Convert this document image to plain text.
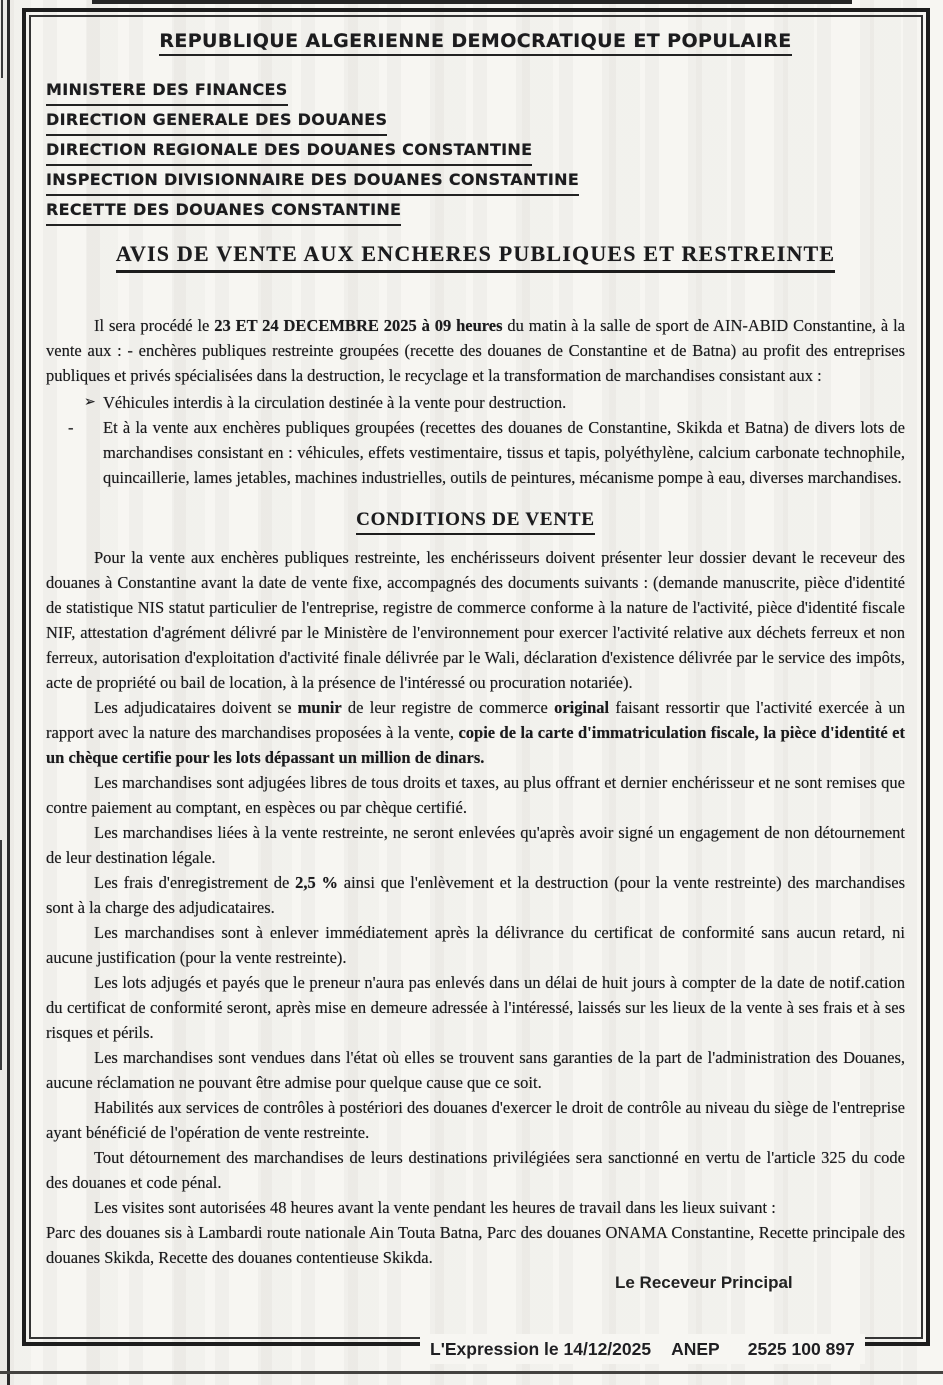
REPUBLIQUE ALGERIENNE DEMOCRATIQUE ET POPULAIRE
MINISTERE DES FINANCES
DIRECTION GENERALE DES DOUANES
DIRECTION REGIONALE DES DOUANES CONSTANTINE
INSPECTION DIVISIONNAIRE DES DOUANES CONSTANTINE
RECETTE DES DOUANES CONSTANTINE
AVIS DE VENTE AUX ENCHERES PUBLIQUES ET RESTREINTE

Il sera procédé le 23 ET 24 DECEMBRE 2025 à 09 heures du matin à la salle de sport de AIN-ABID Constantine, à la vente aux : - enchères publiques restreinte groupées (recette des douanes de Constantine et de Batna) au profit des entreprises publiques et privés spécialisées dans la destruction, le recyclage et la transformation de marchandises consistant aux :

➢ Véhicules interdis à la circulation destinée à la vente pour destruction.
-	Et à la vente aux enchères publiques groupées (recettes des douanes de Constantine, Skikda et Batna) de divers lots de marchandises consistant en : véhicules, effets vestimentaire, tissus et tapis, polyéthylène, calcium carbonate technophile, quincaillerie, lames jetables, machines industrielles, outils de peintures, mécanisme pompe à eau, diverses marchandises.
CONDITIONS DE VENTE

Pour la vente aux enchères publiques restreinte, les enchérisseurs doivent présenter leur dossier devant le receveur des douanes à Constantine avant la date de vente fixe, accompagnés des documents suivants : (demande manuscrite, pièce d'identité de statistique NIS statut particulier de l'entreprise, registre de commerce conforme à la nature de l'activité, pièce d'identité fiscale NIF, attestation d'agrément délivré par le Ministère de l'environnement pour exercer l'activité relative aux déchets ferreux et non ferreux, autorisation d'exploitation d'activité finale délivrée par le Wali, déclaration d'existence délivrée par le service des impôts, acte de propriété ou bail de location, à la présence de l'intéressé ou procuration notariée).

Les adjudicataires doivent se munir de leur registre de commerce original faisant ressortir que l'activité exercée à un rapport avec la nature des marchandises proposées à la vente, copie de la carte d'immatriculation fiscale, la pièce d'identité et un chèque certifie pour les lots dépassant un million de dinars.

Les marchandises sont adjugées libres de tous droits et taxes, au plus offrant et dernier enchérisseur et ne sont remises que contre paiement au comptant, en espèces ou par chèque certifié.

Les marchandises liées à la vente restreinte, ne seront enlevées qu'après avoir signé un engagement de non détournement de leur destination légale.

Les frais d'enregistrement de 2,5 % ainsi que l'enlèvement et la destruction (pour la vente restreinte) des marchandises sont à la charge des adjudicataires.

Les marchandises sont à enlever immédiatement après la délivrance du certificat de conformité sans aucun retard, ni aucune justification (pour la vente restreinte).

Les lots adjugés et payés que le preneur n'aura pas enlevés dans un délai de huit jours à compter de la date de notif.cation du certificat de conformité seront, après mise en demeure adressée à l'intéressé, laissés sur les lieux de la vente à ses frais et à ses risques et périls.

Les marchandises sont vendues dans l'état où elles se trouvent sans garanties de la part de l'administration des Douanes, aucune réclamation ne pouvant être admise pour quelque cause que ce soit.

Habilités aux services de contrôles à postériori des douanes d'exercer le droit de contrôle au niveau du siège de l'entreprise ayant bénéficié de l'opération de vente restreinte.

Tout détournement des marchandises de leurs destinations privilégiées sera sanctionné en vertu de l'article 325 du code des douanes et code pénal.

Les visites sont autorisées 48 heures avant la vente pendant les heures de travail dans les lieux suivant :

Parc des douanes sis à Lambardi route nationale Ain Touta Batna, Parc des douanes ONAMA Constantine, Recette principale des douanes Skikda, Recette des douanes contentieuse Skikda.

Le Receveur Principal
L'Expression le 14/12/2025 ANEP 2525 100 897
